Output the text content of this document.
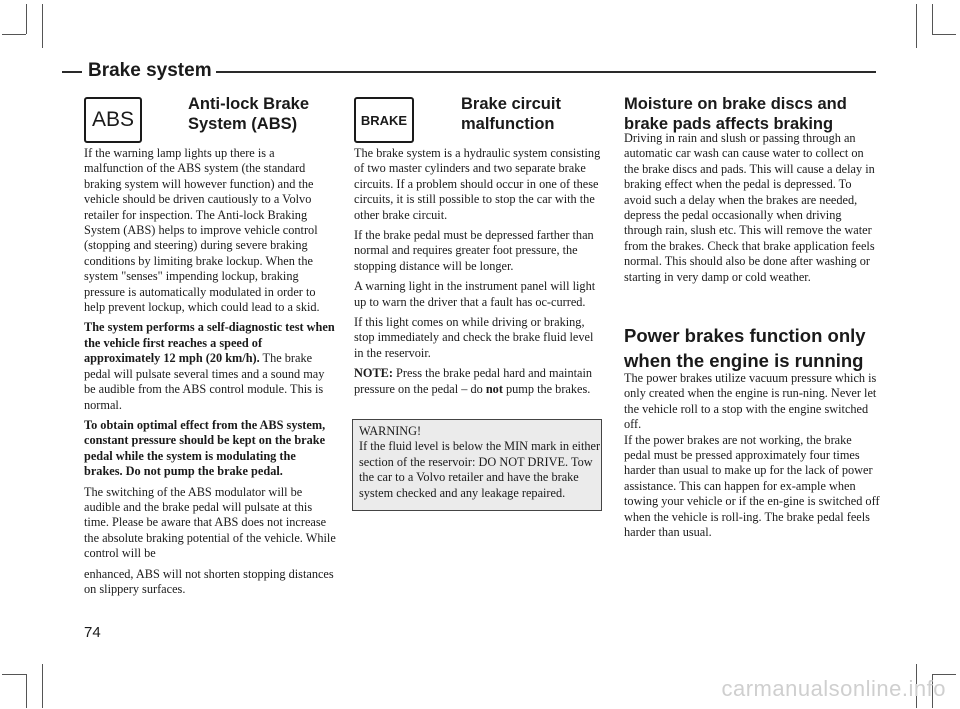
Brake system
ABS
Anti-lock Brake
System (ABS)

If the warning lamp lights up there is a malfunction of the ABS system (the standard braking system will however function) and the vehicle should be driven cautiously to a Volvo retailer for inspection. The Anti-lock Braking System (ABS) helps to improve vehicle control (stopping and steering) during severe braking conditions by limiting brake lockup. When the system "senses" impending lockup, braking pressure is automatically modulated in order to help prevent lockup, which could lead to a skid.

The system performs a self-diagnostic test when the vehicle first reaches a speed of approximately 12 mph (20 km/h). The brake pedal will pulsate several times and a sound may be audible from the ABS control module. This is normal.

To obtain optimal effect from the ABS system, constant pressure should be kept on the brake pedal while the system is modulating the brakes. Do not pump the brake pedal.

The switching of the ABS modulator will be audible and the brake pedal will pulsate at this time. Please be aware that ABS does not increase the absolute braking potential of the vehicle. While control will be

enhanced, ABS will not shorten stopping distances on slippery surfaces.

BRAKE
Brake circuit
malfunction

The brake system is a hydraulic system consisting of two master cylinders and two separate brake circuits. If a problem should occur in one of these circuits, it is still possible to stop the car with the other brake circuit.

If the brake pedal must be depressed farther than normal and requires greater foot pressure, the stopping distance will be longer.

A warning light in the instrument panel will light up to warn the driver that a fault has oc-curred.

If this light comes on while driving or braking, stop immediately and check the brake fluid level in the reservoir.

NOTE: Press the brake pedal hard and maintain pressure on the pedal – do not pump the brakes.

WARNING!
If the fluid level is below the MIN mark in either section of the reservoir: DO NOT DRIVE. Tow the car to a Volvo retailer and have the brake system checked and any leakage repaired.
Moisture on brake discs and
brake pads affects braking

Driving in rain and slush or passing through an automatic car wash can cause water to collect on the brake discs and pads. This will cause a delay in braking effect when the pedal is depressed. To avoid such a delay when the brakes are needed, depress the pedal occasionally when driving through rain, slush etc. This will remove the water from the brakes. Check that brake application feels normal. This should also be done after washing or starting in very damp or cold weather.

Power brakes function only
when the engine is running

The power brakes utilize vacuum pressure which is only created when the engine is run-ning. Never let the vehicle roll to a stop with the engine switched off.

If the power brakes are not working, the brake pedal must be pressed approximately four times harder than usual to make up for the lack of power assistance. This can happen for ex-ample when towing your vehicle or if the en-gine is switched off when the vehicle is roll-ing. The brake pedal feels harder than usual.

74
carmanualsonline.info
